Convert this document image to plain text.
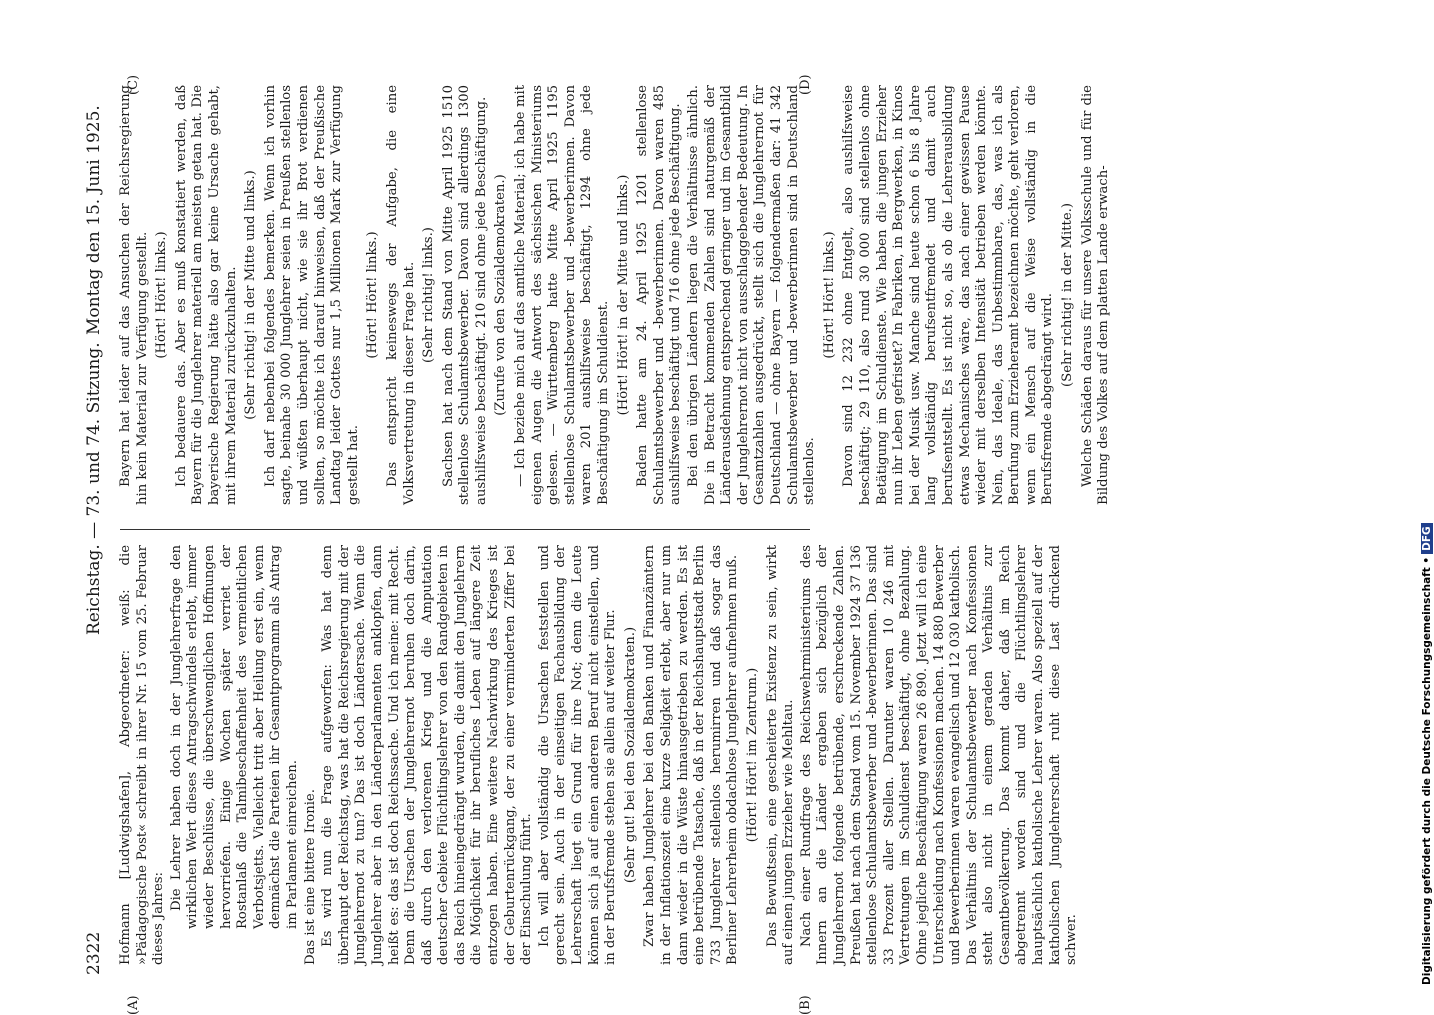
2322
Reichstag. — 73. und 74. Sitzung.
Montag den 15. Juni 1925.

Hofmann [Ludwigshafen], Abgeordneter: weiß: die »Pädagogische Post« schreibt in ihrer Nr. 15 vom 25. Februar dieses Jahres:

Die Lehrer haben doch in der Junglehrerfrage den wirklichen Wert dieses Antragschwindels erlebt, immer wieder Beschlüsse, die überschwenglichen Hoffnungen hervorriefen. Einige Wochen später verriet der Rostanlaß die Talmibeschaffenheit des vermeintlichen Verbotsjetts. Vielleicht tritt aber Heilung erst ein, wenn demnächst die Parteien ihr Gesamtprogramm als Antrag im Parlament einreichen. Das ist eine bittere Ironie. Es wird nun die Frage aufgeworfen: Was hat denn überhaupt der Reichstag, was hat die Reichsregierung mit der Junglehrernot zu tun? Das ist doch Ländersache. Wenn die Junglehrer aber in den Länderparlamenten anklopfen, dann heißt es: das ist doch Reichssache. Und ich meine: mit Recht. Denn die Ursachen der Junglehrernot beruhen doch darin, daß durch den verlorenen Krieg und die Amputation deutscher Gebiete Flüchtlingslehrer von den Randgebieten in das Reich hineingedrängt wurden, die damit den Junglehrern die Möglichkeit für ihr berufliches Leben auf längere Zeit entzogen haben. Eine weitere Nachwirkung des Krieges ist der Geburtenrückgang, der zu einer verminderten Ziffer bei der Einschulung führt. Ich will aber vollständig die Ursachen feststellen und gerecht sein. Auch in der einseitigen Fachausbildung der Lehrerschaft liegt ein Grund für ihre Not; denn die Leute können sich ja auf einen anderen Beruf nicht einstellen, und in der Berufsfremde stehen sie allein auf weiter Flur. (Sehr gut! bei den Sozialdemokraten.) Zwar haben Junglehrer bei den Banken und Finanzämtern in der Inflationszeit eine kurze Seligkeit erlebt, aber nur um dann wieder in die Wüste hinausgetrieben zu werden. Es ist eine betrübende Tatsache, daß in der Reichshauptstadt Berlin 733 Junglehrer stellenlos herumirren und daß sogar das Berliner Lehrerheim obdachlose Junglehrer aufnehmen muß. (Hört! Hört! im Zentrum.) Das Bewußtsein, eine gescheiterte Existenz zu sein, wirkt auf einen jungen Erzieher wie Mehltau. Nach einer Rundfrage des Reichswehrministeriums des Innern an die Länder ergaben sich bezüglich der Junglehrernot folgende betrübende, erschreckende Zahlen. Preußen hat nach dem Stand vom 15. November 1924 37 136 stellenlose Schulamtsbewerber und -bewerberinnen. Das sind 33 Prozent aller Stellen. Darunter waren 10 246 mit Vertretungen im Schuldienst beschäftigt, ohne Bezahlung. Ohne jegliche Beschäftigung waren 26 890. Jetzt will ich eine Unterscheidung nach Konfessionen machen. 14 880 Bewerber und Bewerberinnen waren evangelisch und 12 030 katholisch. Das Verhältnis der Schulamtsbewerber nach Konfessionen steht also nicht in einem geraden Verhältnis zur Gesamtbevölkerung. Das kommt daher, daß im Reich abgetrennt worden sind und die Flüchtlingslehrer hauptsächlich katholische Lehrer waren. Also speziell auf der katholischen Junglehrerschaft ruht diese Last drückend schwer.

Bayern hat leider auf das Ansuchen der Reichsregierung hin kein Material zur Verfügung gestellt. (Hört! Hört! links.) Ich bedauere das. Aber es muß konstatiert werden, daß Bayern für die Junglehrer materiell am meisten getan hat. Die bayerische Regierung hätte also gar keine Ursache gehabt, mit ihrem Material zurückzuhalten. (Sehr richtig! in der Mitte und links.) Ich darf nebenbei folgendes bemerken. Wenn ich vorhin sagte, beinahe 30 000 Junglehrer seien in Preußen stellenlos und wüßten überhaupt nicht, wie sie ihr Brot verdienen sollten, so möchte ich darauf hinweisen, daß der Preußische Landtag leider Gottes nur 1,5 Millionen Mark zur Verfügung gestellt hat.

(Hört! Hört! links.) Das entspricht keineswegs der Aufgabe, die eine Volksvertretung in dieser Frage hat. (Sehr richtig! links.) Sachsen hat nach dem Stand von Mitte April 1925 1510 stellenlose Schulamtsbewerber. Davon sind allerdings 1300 aushilfsweise beschäftigt. 210 sind ohne jede Beschäftigung. (Zurufe von den Sozialdemokraten.) — Ich beziehe mich auf das amtliche Material; ich habe mit eigenen Augen die Antwort des sächsischen Ministeriums gelesen. — Württemberg hatte Mitte April 1925 1195 stellenlose Schulamtsbewerber und -bewerberinnen. Davon waren 201 aushilfsweise beschäftigt, 1294 ohne jede Beschäftigung im Schuldienst. (Hört! Hört! in der Mitte und links.) Baden hatte am 24. April 1925 1201 stellenlose Schulamtsbewerber und -bewerberinnen. Davon waren 485 aushilfsweise beschäftigt und 716 ohne jede Beschäftigung. Bei den übrigen Ländern liegen die Verhältnisse ähnlich. Die in Betracht kommenden Zahlen sind naturgemäß der Länderausdehnung entsprechend geringer und im Gesamtbild der Junglehrernot nicht von ausschlaggebender Bedeutung. In Gesamtzahlen ausgedrückt, stellt sich die Junglehrernot für Deutschland — ohne Bayern — folgendermaßen dar: 41 342 Schulamtsbewerber und -bewerberinnen sind in Deutschland stellenlos.

(Hört! Hört! links.) Davon sind 12 232 ohne Entgelt, also aushilfsweise beschäftigt; 29 110, also rund 30 000 sind stellenlos ohne Betätigung im Schuldienste. Wie haben die jungen Erzieher nun ihr Leben gefristet? In Fabriken, in Bergwerken, in Kinos bei der Musik usw. Manche sind heute schon 6 bis 8 Jahre lang vollständig berufsentfremdet und damit auch berufsentstellt. Es ist nicht so, als ob die Lehrerausbildung etwas Mechanisches wäre, das nach einer gewissen Pause wieder mit derselben Intensität betrieben werden könnte. Nein, das Ideale, das Unbestimmbare, das, was ich als Berufung zum Erzieheramt bezeichnen möchte, geht verloren, wenn ein Mensch auf die Weise vollständig in die Berufsfremde abgedrängt wird. (Sehr richtig! in der Mitte.) Welche Schäden daraus für unsere Volksschule und für die Bildung des Volkes auf dem platten Lande erwach-

(A)	(B)
(C)	(D)
Digitalisierung gefördert durch die Deutsche Forschungsgemeinschaft •DFG
